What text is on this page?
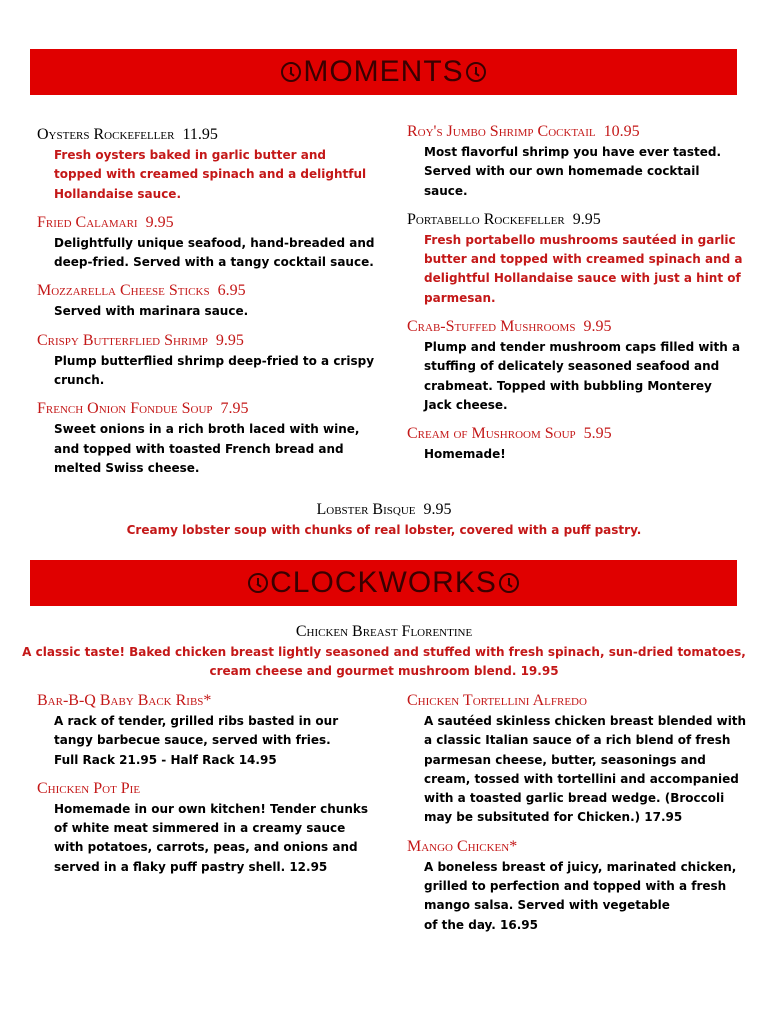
MOMENTS
Oysters Rockefeller 11.95
Fresh oysters baked in garlic butter and
topped with creamed spinach and a delightful
Hollandaise sauce.
Fried Calamari 9.95
Delightfully unique seafood, hand-breaded and
deep-fried. Served with a tangy cocktail sauce.
Mozzarella Cheese Sticks 6.95
Served with marinara sauce.
Crispy Butterflied Shrimp 9.95
Plump butterflied shrimp deep-fried to a crispy
crunch.
French Onion Fondue Soup 7.95
Sweet onions in a rich broth laced with wine,
and topped with toasted French bread and
melted Swiss cheese.
Roy's Jumbo Shrimp Cocktail 10.95
Most flavorful shrimp you have ever tasted.
Served with our own homemade cocktail
sauce.
Portabello Rockefeller 9.95
Fresh portabello mushrooms sautéed in garlic
butter and topped with creamed spinach and a
delightful Hollandaise sauce with just a hint of
parmesan.
Crab-Stuffed Mushrooms 9.95
Plump and tender mushroom caps filled with a
stuffing of delicately seasoned seafood and
crabmeat. Topped with bubbling Monterey
Jack cheese.
Cream of Mushroom Soup 5.95
Homemade!
Lobster Bisque 9.95
Creamy lobster soup with chunks of real lobster, covered with a puff pastry.
CLOCKWORKS
Chicken Breast Florentine
A classic taste! Baked chicken breast lightly seasoned and stuffed with fresh spinach, sun-dried tomatoes,
cream cheese and gourmet mushroom blend. 19.95
Bar-B-Q Baby Back Ribs*
A rack of tender, grilled ribs basted in our
tangy barbecue sauce, served with fries.
Full Rack 21.95 - Half Rack 14.95
Chicken Pot Pie
Homemade in our own kitchen! Tender chunks
of white meat simmered in a creamy sauce
with potatoes, carrots, peas, and onions and
served in a flaky puff pastry shell. 12.95
Chicken Tortellini Alfredo
A sautéed skinless chicken breast blended with
a classic Italian sauce of a rich blend of fresh
parmesan cheese, butter, seasonings and
cream, tossed with tortellini and accompanied
with a toasted garlic bread wedge. (Broccoli
may be subsituted for Chicken.) 17.95
Mango Chicken*
A boneless breast of juicy, marinated chicken,
grilled to perfection and topped with a fresh
mango salsa. Served with vegetable
of the day. 16.95
